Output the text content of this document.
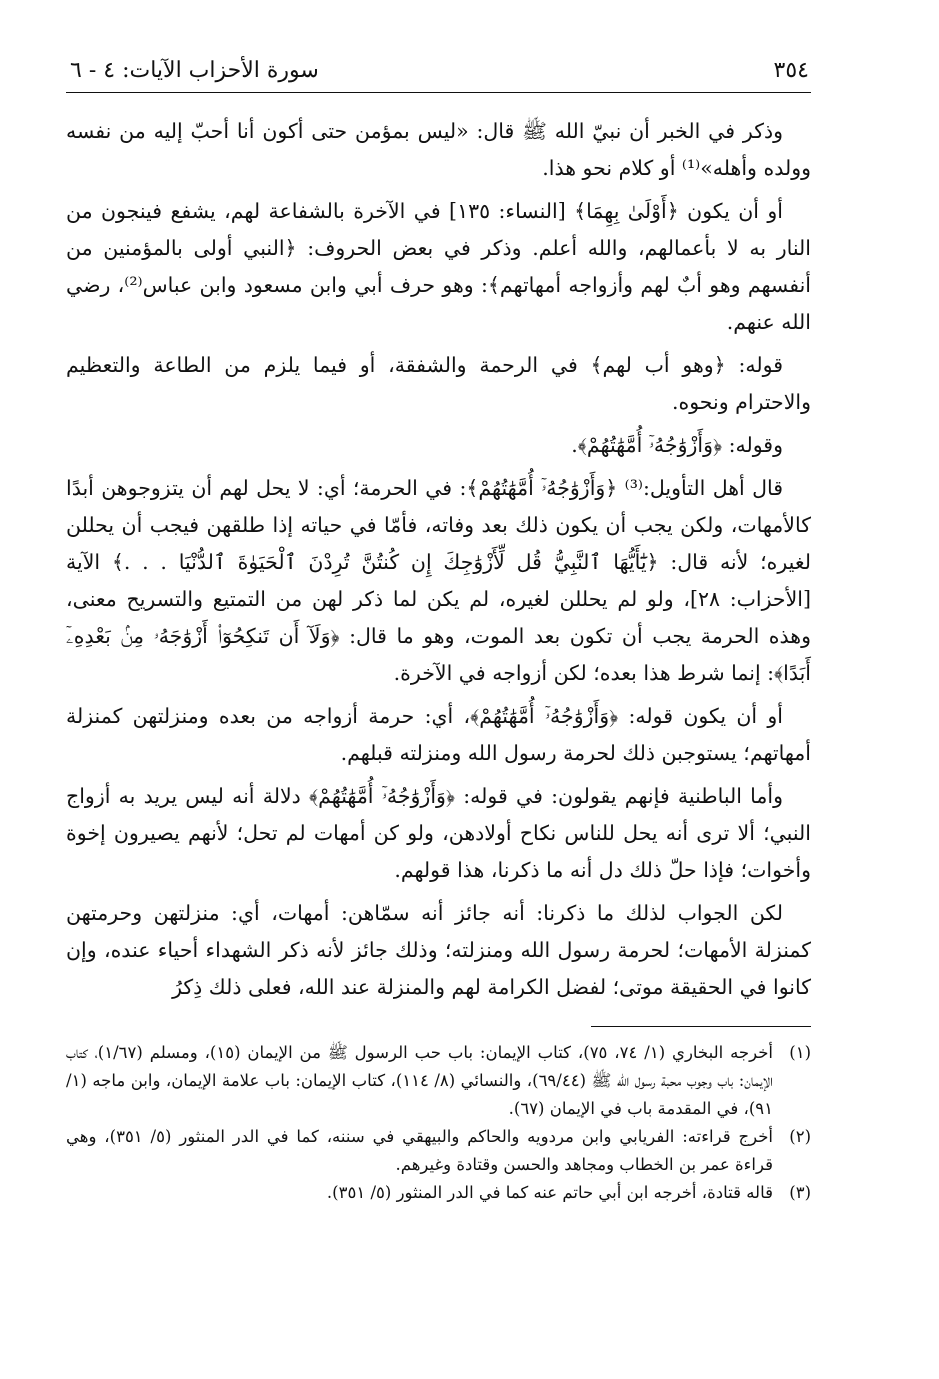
٣٥٤
سورة الأحزاب الآيات: ٤ - ٦

وذكر في الخبر أن نبيّ الله ﷺ قال: «ليس بمؤمن حتى أكون أنا أحبّ إليه من نفسه وولده وأهله»⁽¹⁾ أو كلام نحو هذا.

أو أن يكون ﴿أَوْلَىٰ بِهِمَا﴾ [النساء: ١٣٥] في الآخرة بالشفاعة لهم، يشفع فينجون من النار به لا بأعمالهم، والله أعلم. وذكر في بعض الحروف: ﴿النبي أولى بالمؤمنين من أنفسهم وهو أبٌ لهم وأزواجه أمهاتهم﴾: وهو حرف أبي وابن مسعود وابن عباس⁽²⁾، رضي الله عنهم.

قوله: ﴿وهو أب لهم﴾ في الرحمة والشفقة، أو فيما يلزم من الطاعة والتعظيم والاحترام ونحوه.

وقوله: ﴿وَأَزْوَٰجُهُۥٓ أُمَّهَٰتُهُمْ﴾.

قال أهل التأويل:⁽³⁾ ﴿وَأَزْوَٰجُهُۥٓ أُمَّهَٰتُهُمْ﴾: في الحرمة؛ أي: لا يحل لهم أن يتزوجوهن أبدًا كالأمهات، ولكن يجب أن يكون ذلك بعد وفاته، فأمّا في حياته إذا طلقهن فيجب أن يحللن لغيره؛ لأنه قال: ﴿يَٰٓأَيُّهَا ٱلنَّبِيُّ قُل لِّأَزْوَٰجِكَ إِن كُنتُنَّ تُرِدْنَ ٱلْحَيَوٰةَ ٱلدُّنْيَا . . .﴾ الآية [الأحزاب: ٢٨]، ولو لم يحللن لغيره، لم يكن لما ذكر لهن من التمتيع والتسريح معنى، وهذه الحرمة يجب أن تكون بعد الموت، وهو ما قال: ﴿وَلَآ أَن تَنكِحُوٓا۟ أَزْوَٰجَهُۥ مِنۢ بَعْدِهِۦٓ أَبَدًا﴾: إنما شرط هذا بعده؛ لكن أزواجه في الآخرة.

أو أن يكون قوله: ﴿وَأَزْوَٰجُهُۥٓ أُمَّهَٰتُهُمْ﴾، أي: حرمة أزواجه من بعده ومنزلتهن كمنزلة أمهاتهم؛ يستوجبن ذلك لحرمة رسول الله ومنزلته قبلهم.

وأما الباطنية فإنهم يقولون: في قوله: ﴿وَأَزْوَٰجُهُۥٓ أُمَّهَٰتُهُمْ﴾ دلالة أنه ليس يريد به أزواج النبي؛ ألا ترى أنه يحل للناس نكاح أولادهن، ولو كن أمهات لم تحل؛ لأنهم يصيرون إخوة وأخوات؛ فإذا حلّ ذلك دل أنه ما ذكرنا، هذا قولهم.

لكن الجواب لذلك ما ذكرنا: أنه جائز أنه سمّاهن: أمهات، أي: منزلتهن وحرمتهن كمنزلة الأمهات؛ لحرمة رسول الله ومنزلته؛ وذلك جائز لأنه ذكر الشهداء أحياء عنده، وإن كانوا في الحقيقة موتى؛ لفضل الكرامة لهم والمنزلة عند الله، فعلى ذلك ذِكرُ

(١)
أخرجه البخاري (١/ ٧٤، ٧٥)، كتاب الإيمان: باب حب الرسول ﷺ من الإيمان (١٥)، ومسلم (١/٦٧)، كتاب الإيمان: باب وجوب محبة رسول الله ﷺ (٦٩/٤٤)، والنسائي (٨/ ١١٤)، كتاب الإيمان: باب علامة الإيمان، وابن ماجه (١/ ٩١)، في المقدمة باب في الإيمان (٦٧).
(٢)
أخرج قراءته: الفريابي وابن مردويه والحاكم والبيهقي في سننه، كما في الدر المنثور (٥/ ٣٥١)، وهي قراءة عمر بن الخطاب ومجاهد والحسن وقتادة وغيرهم.
(٣)
قاله قتادة، أخرجه ابن أبي حاتم عنه كما في الدر المنثور (٥/ ٣٥١).
